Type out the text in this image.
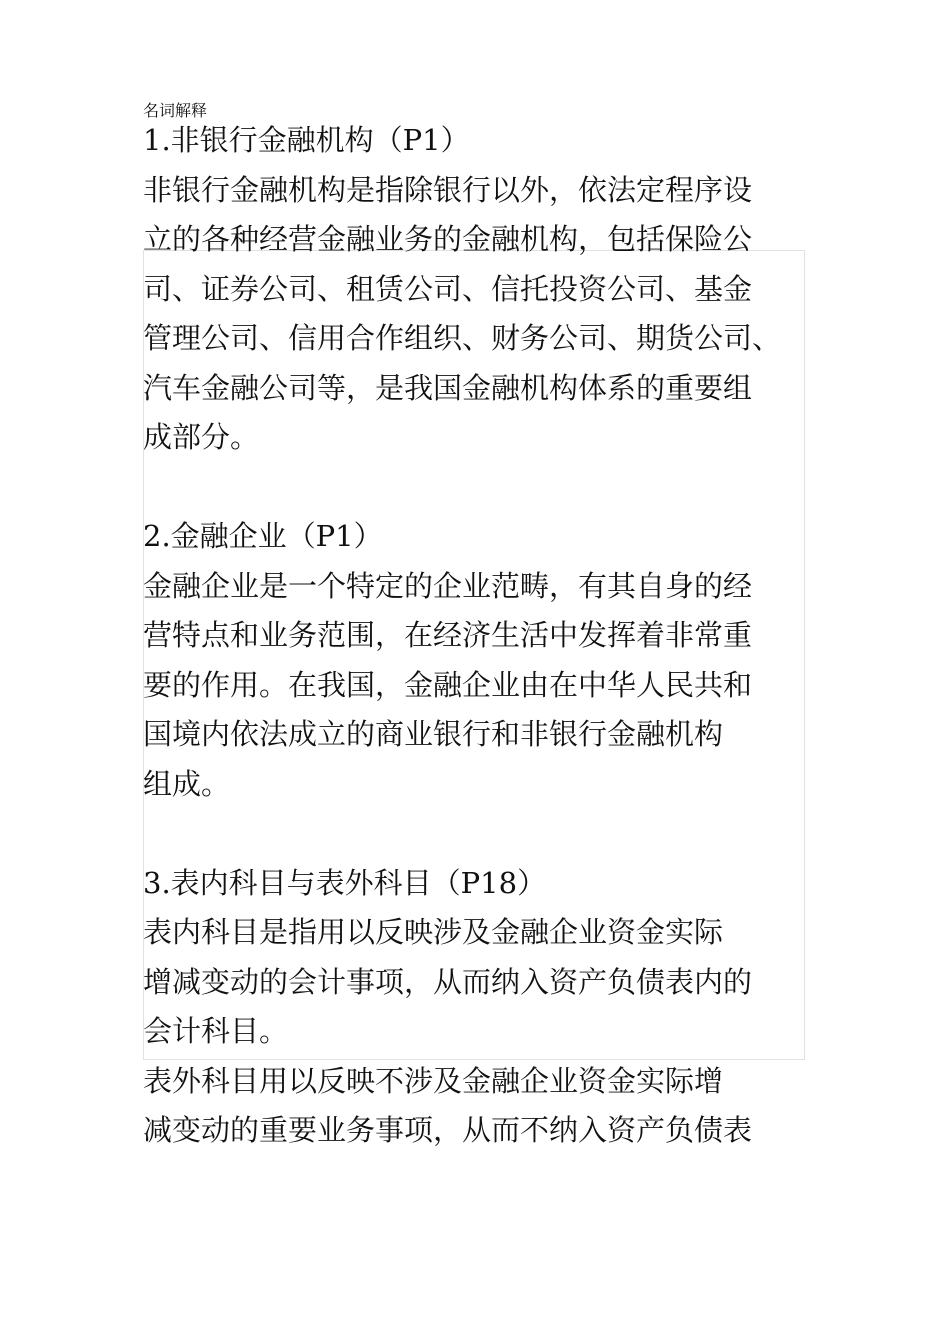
名词解释
1.非银行金融机构（P1）
非银行金融机构是指除银行以外，依法定程序设
立的各种经营金融业务的金融机构，包括保险公
司、证券公司、租赁公司、信托投资公司、基金
管理公司、信用合作组织、财务公司、期货公司、
汽车金融公司等，是我国金融机构体系的重要组
成部分。
2.金融企业（P1）
金融企业是一个特定的企业范畴，有其自身的经
营特点和业务范围，在经济生活中发挥着非常重
要的作用。在我国，金融企业由在中华人民共和
国境内依法成立的商业银行和非银行金融机构
组成。
3.表内科目与表外科目（P18）
表内科目是指用以反映涉及金融企业资金实际
增减变动的会计事项，从而纳入资产负债表内的
会计科目。
表外科目用以反映不涉及金融企业资金实际增
减变动的重要业务事项，从而不纳入资产负债表
